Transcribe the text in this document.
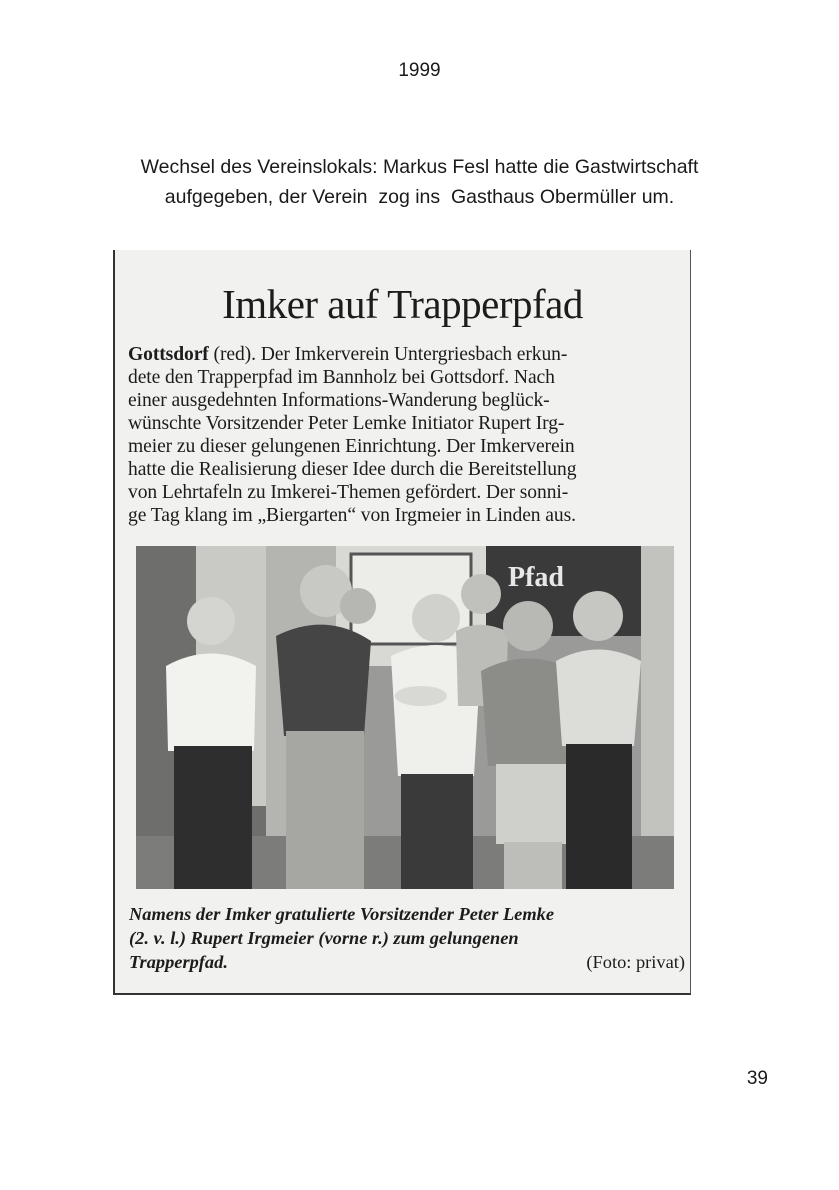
1999
Wechsel des Vereinslokals: Markus Fesl hatte die Gastwirtschaft
aufgegeben, der Verein  zog ins  Gasthaus Obermüller um.
Imker auf Trapperpfad
Gottsdorf (red). Der Imkerverein Untergriesbach erkun-
dete den Trapperpfad im Bannholz bei Gottsdorf. Nach
einer ausgedehnten Informations-Wanderung beglück-
wünschte Vorsitzender Peter Lemke Initiator Rupert Irg-
meier zu dieser gelungenen Einrichtung. Der Imkerverein
hatte die Realisierung dieser Idee durch die Bereitstellung
von Lehrtafeln zu Imkerei-Themen gefördert. Der sonni-
ge Tag klang im „Biergarten“ von Irgmeier in Linden aus.
Pfad
Namens der Imker gratulierte Vorsitzender Peter Lemke
(2. v. l.) Rupert Irgmeier (vorne r.) zum gelungenen
Trapperpfad.	(Foto: privat)
39
